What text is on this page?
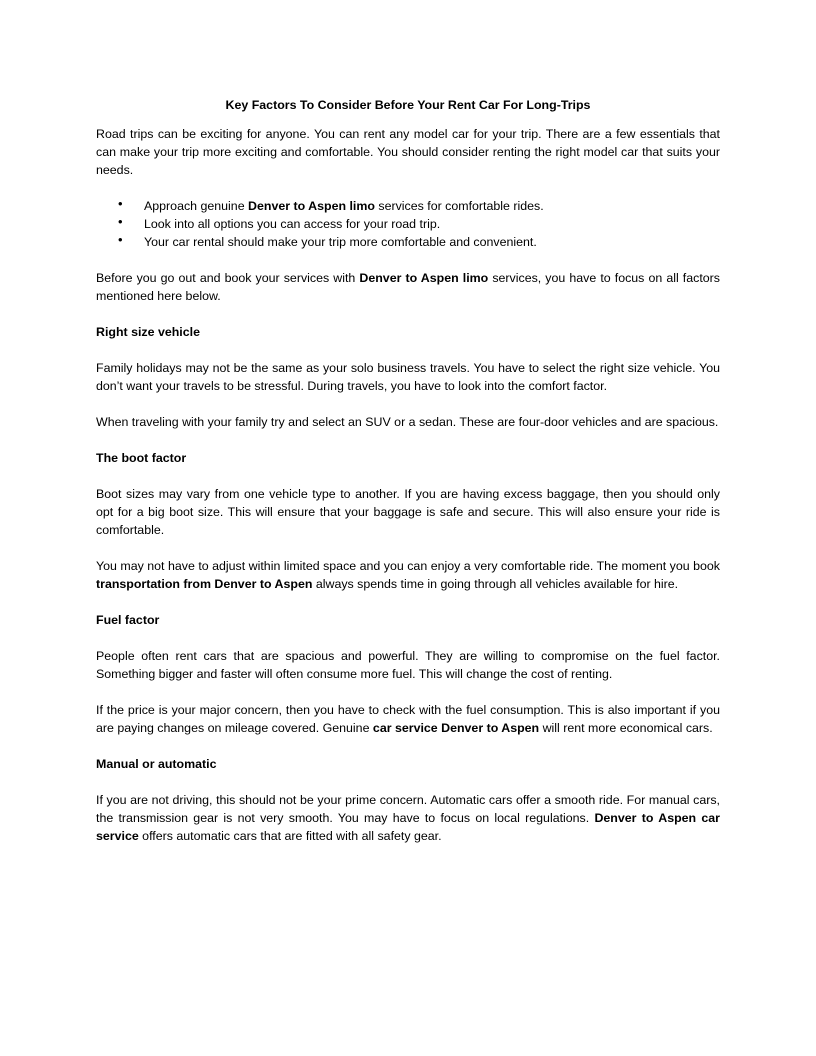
Key Factors To Consider Before Your Rent Car For Long-Trips

Road trips can be exciting for anyone. You can rent any model car for your trip. There are a few essentials that can make your trip more exciting and comfortable. You should consider renting the right model car that suits your needs.

• Approach genuine Denver to Aspen limo services for comfortable rides.
• Look into all options you can access for your road trip.
• Your car rental should make your trip more comfortable and convenient.

Before you go out and book your services with Denver to Aspen limo services, you have to focus on all factors mentioned here below.

Right size vehicle

Family holidays may not be the same as your solo business travels. You have to select the right size vehicle. You don’t want your travels to be stressful. During travels, you have to look into the comfort factor.

When traveling with your family try and select an SUV or a sedan. These are four-door vehicles and are spacious.

The boot factor

Boot sizes may vary from one vehicle type to another. If you are having excess baggage, then you should only opt for a big boot size. This will ensure that your baggage is safe and secure. This will also ensure your ride is comfortable.

You may not have to adjust within limited space and you can enjoy a very comfortable ride. The moment you book transportation from Denver to Aspen always spends time in going through all vehicles available for hire.

Fuel factor

People often rent cars that are spacious and powerful. They are willing to compromise on the fuel factor. Something bigger and faster will often consume more fuel. This will change the cost of renting.

If the price is your major concern, then you have to check with the fuel consumption. This is also important if you are paying changes on mileage covered. Genuine car service Denver to Aspen will rent more economical cars.

Manual or automatic

If you are not driving, this should not be your prime concern. Automatic cars offer a smooth ride. For manual cars, the transmission gear is not very smooth. You may have to focus on local regulations. Denver to Aspen car service offers automatic cars that are fitted with all safety gear.
